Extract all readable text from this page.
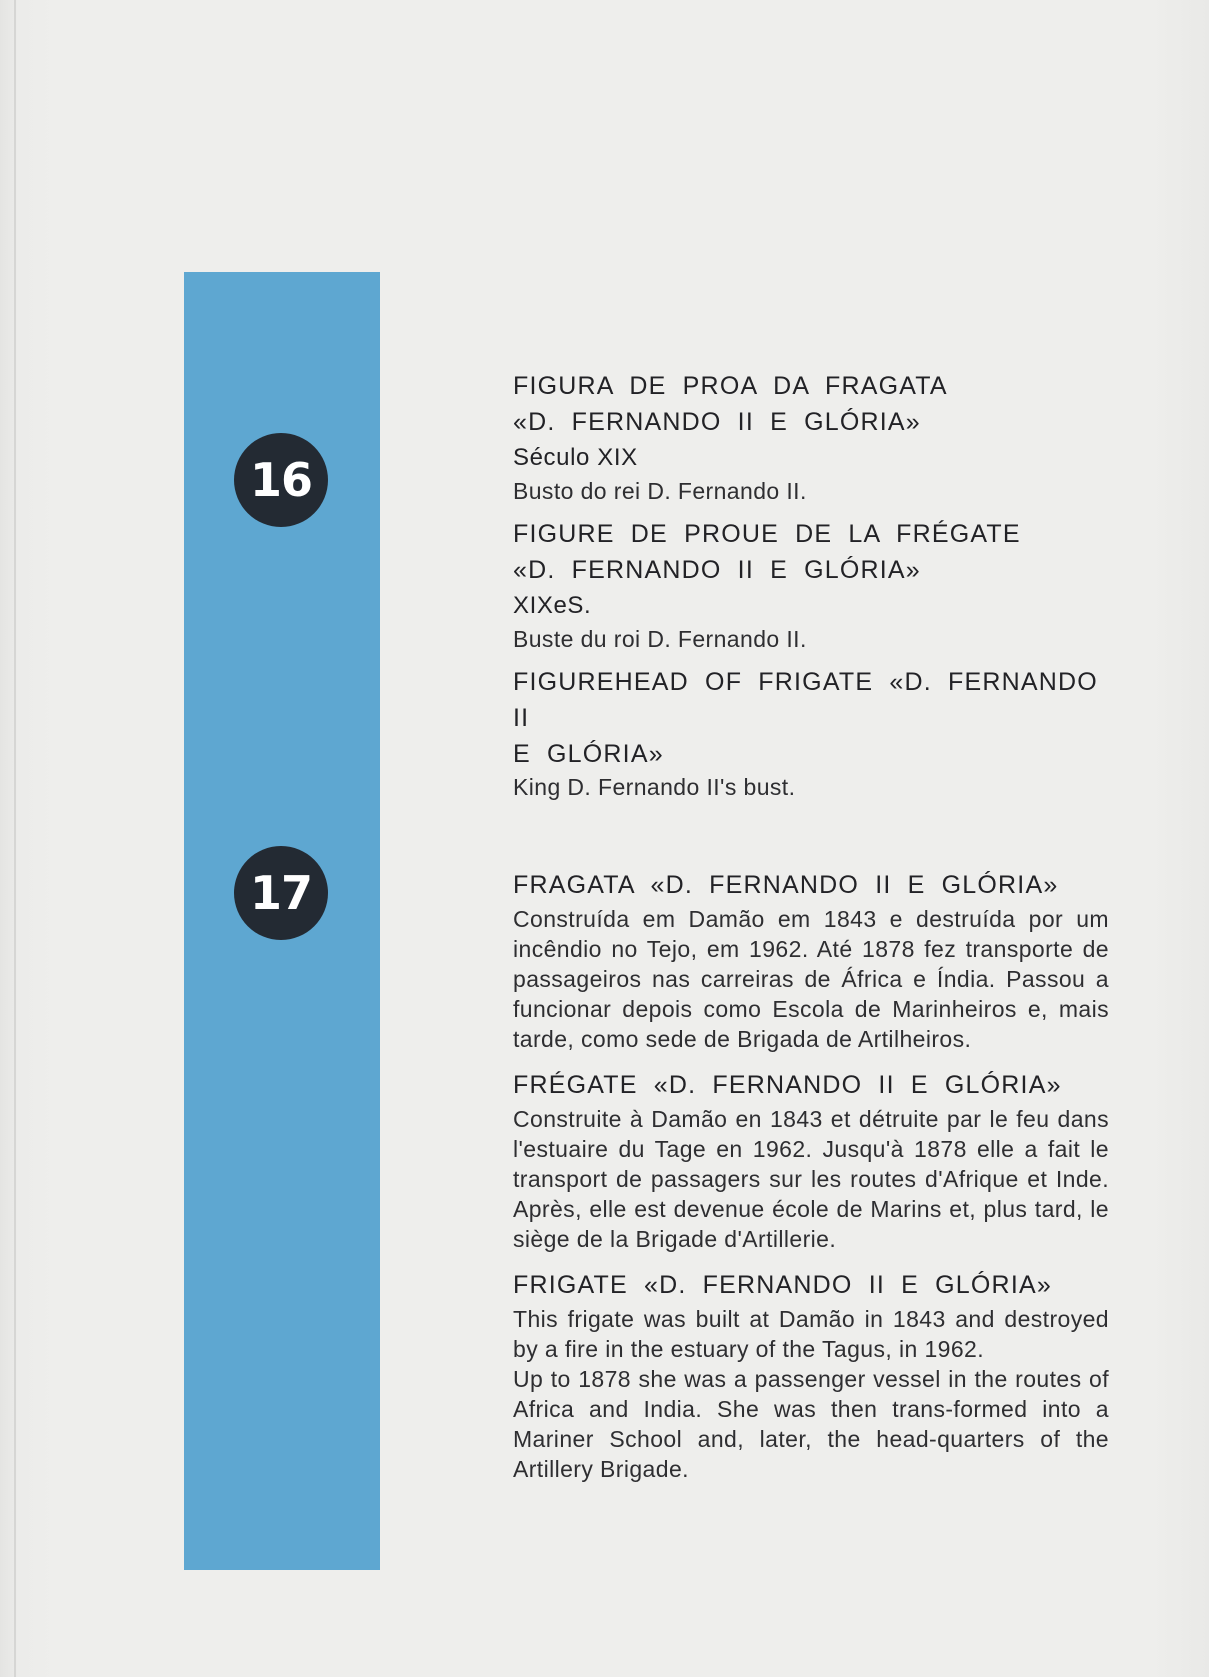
16
17

FIGURA DE PROA DA FRAGATA

«D. FERNANDO II E GLÓRIA»

Século XIX

Busto do rei D. Fernando II.

FIGURE DE PROUE DE LA FRÉGATE

«D. FERNANDO II E GLÓRIA»

XIXeS.

Buste du roi D. Fernando II.

FIGUREHEAD OF FRIGATE «D. FERNANDO II

E GLÓRIA»

King D. Fernando II's bust.

FRAGATA «D. FERNANDO II E GLÓRIA»

Construída em Damão em 1843 e destruída por um incêndio no Tejo, em 1962. Até 1878 fez transporte de passageiros nas carreiras de África e Índia. Passou a funcionar depois como Escola de Marinheiros e, mais tarde, como sede de Brigada de Artilheiros.

FRÉGATE «D. FERNANDO II E GLÓRIA»

Construite à Damão en 1843 et détruite par le feu dans l'estuaire du Tage en 1962. Jusqu'à 1878 elle a fait le transport de passagers sur les routes d'Afrique et Inde. Après, elle est devenue école de Marins et, plus tard, le siège de la Brigade d'Artillerie.

FRIGATE «D. FERNANDO II E GLÓRIA»

This frigate was built at Damão in 1843 and destroyed by a fire in the estuary of the Tagus, in 1962.

Up to 1878 she was a passenger vessel in the routes of Africa and India. She was then trans-formed into a Mariner School and, later, the head-quarters of the Artillery Brigade.
